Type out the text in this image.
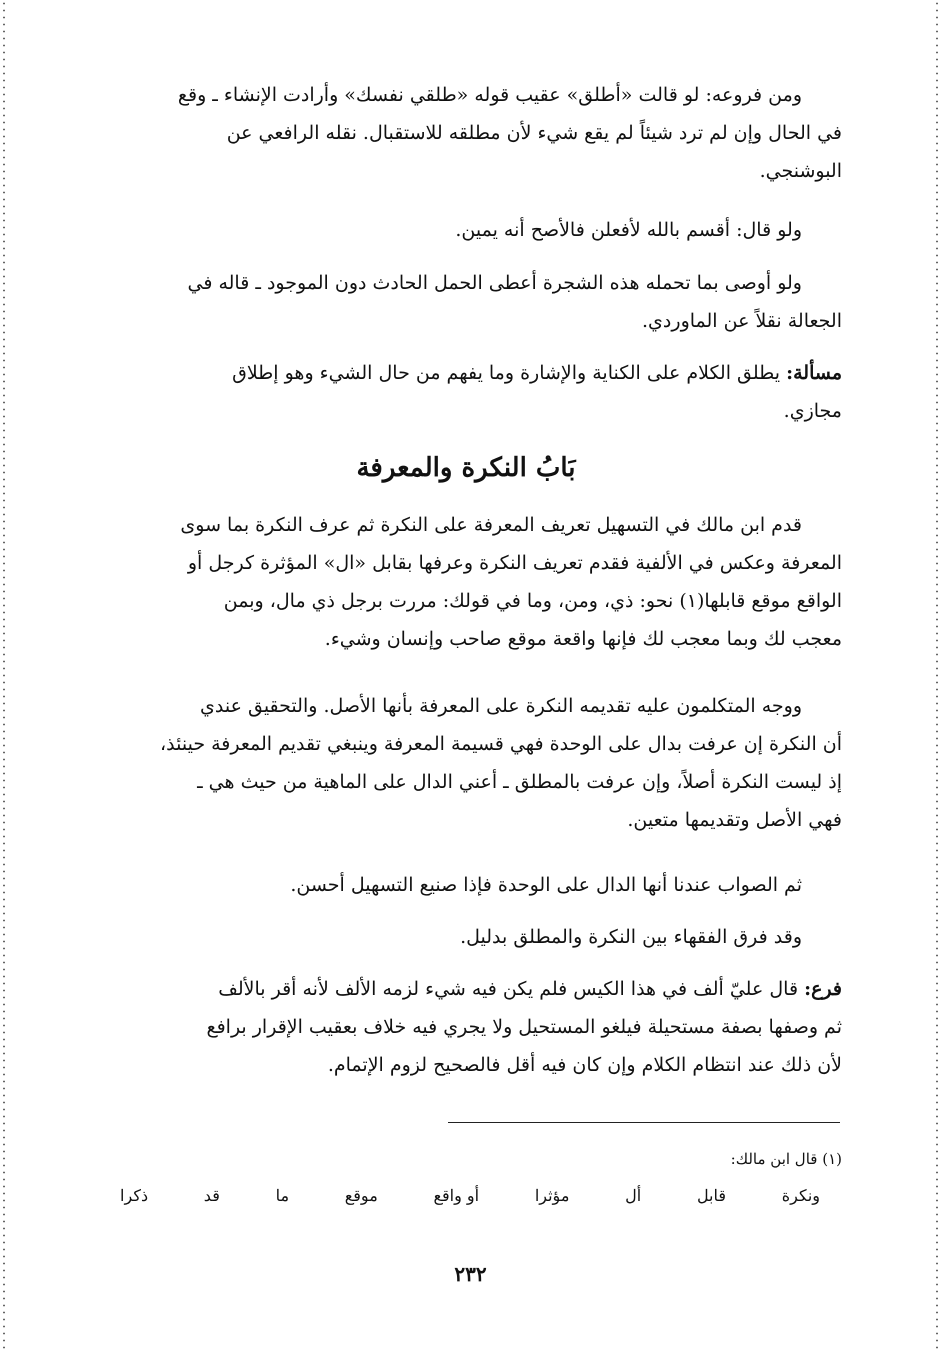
ومن فروعه: لو قالت «أطلق» عقيب قوله «طلقي نفسك» وأرادت الإنشاء ـ وقع
في الحال وإن لم ترد شيئاً لم يقع شيء لأن مطلقه للاستقبال. نقله الرافعي عن
البوشنجي.
ولو قال: أقسم بالله لأفعلن فالأصح أنه يمين.
ولو أوصى بما تحمله هذه الشجرة أعطى الحمل الحادث دون الموجود ـ قاله في
الجعالة نقلاً عن الماوردي.
مسألة: يطلق الكلام على الكناية والإشارة وما يفهم من حال الشيء وهو إطلاق
مجازي.
بَابُ النكرة والمعرفة
قدم ابن مالك في التسهيل تعريف المعرفة على النكرة ثم عرف النكرة بما سوى
المعرفة وعكس في الألفية فقدم تعريف النكرة وعرفها بقابل «ال» المؤثرة كرجل أو
الواقع موقع قابلها(١) نحو: ذي، ومن، وما في قولك: مررت برجل ذي مال، وبمن
معجب لك وبما معجب لك فإنها واقعة موقع صاحب وإنسان وشيء.
ووجه المتكلمون عليه تقديمه النكرة على المعرفة بأنها الأصل. والتحقيق عندي
أن النكرة إن عرفت بدال على الوحدة فهي قسيمة المعرفة وينبغي تقديم المعرفة حينئذ،
إذ ليست النكرة أصلاً، وإن عرفت بالمطلق ـ أعني الدال على الماهية من حيث هي ـ
فهي الأصل وتقديمها متعين.
ثم الصواب عندنا أنها الدال على الوحدة فإذا صنيع التسهيل أحسن.
وقد فرق الفقهاء بين النكرة والمطلق بدليل.
فرع: قال عليّ ألف في هذا الكيس فلم يكن فيه شيء لزمه الألف لأنه أقر بالألف
ثم وصفها بصفة مستحيلة فيلغو المستحيل ولا يجري فيه خلاف بعقيب الإقرار برافع
لأن ذلك عند انتظام الكلام وإن كان فيه أقل فالصحيح لزوم الإتمام.
(١) قال ابن مالك:
ونكرة
قابل
أل
مؤثرا
أو واقع
موقع
ما
قد
ذكرا
٢٣٢
